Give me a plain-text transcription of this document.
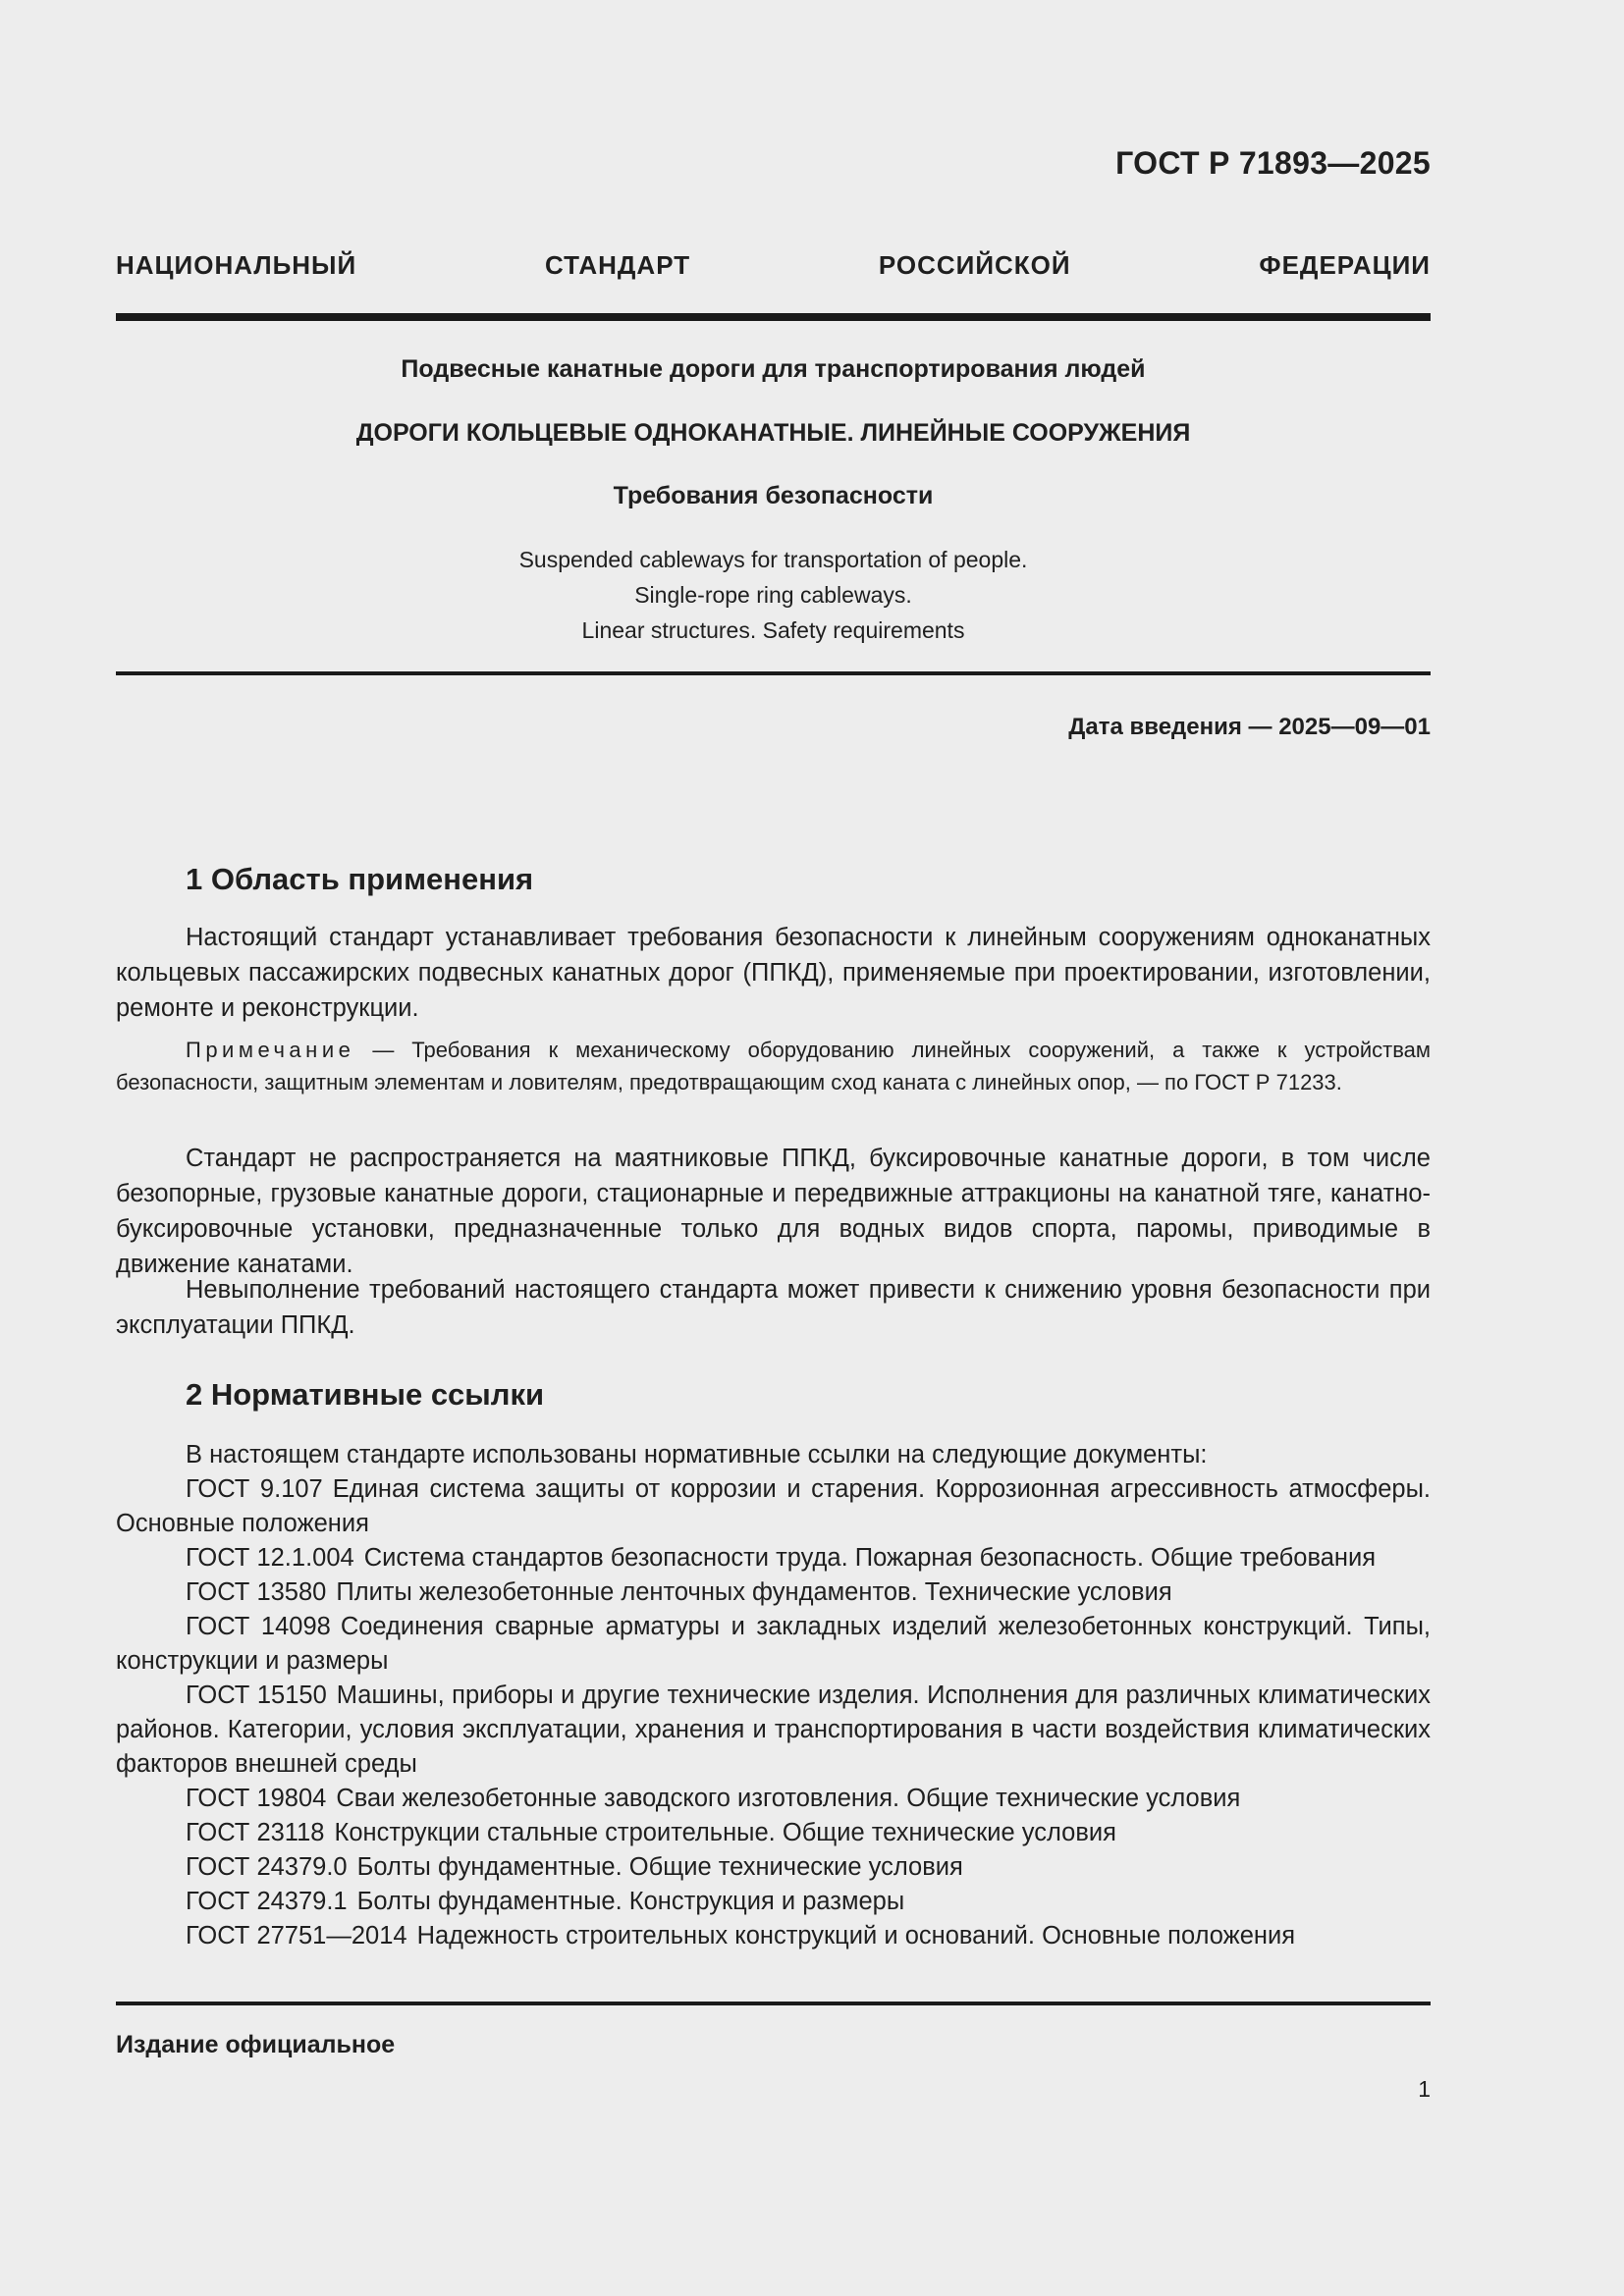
ГОСТ Р 71893—2025
НАЦИОНАЛЬНЫЙ СТАНДАРТ РОССИЙСКОЙ ФЕДЕРАЦИИ
Подвесные канатные дороги для транспортирования людей
ДОРОГИ КОЛЬЦЕВЫЕ ОДНОКАНАТНЫЕ. ЛИНЕЙНЫЕ СООРУЖЕНИЯ
Требования безопасности
Suspended cableways for transportation of people.
Single-rope ring cableways.
Linear structures. Safety requirements
Дата введения — 2025—09—01
1 Область применения
Настоящий стандарт устанавливает требования безопасности к линейным сооружениям одноканатных кольцевых пассажирских подвесных канатных дорог (ППКД), применяемые при проектировании, изготовлении, ремонте и реконструкции.
Примечание — Требования к механическому оборудованию линейных сооружений, а также к устройствам безопасности, защитным элементам и ловителям, предотвращающим сход каната с линейных опор, — по ГОСТ Р 71233.
Стандарт не распространяется на маятниковые ППКД, буксировочные канатные дороги, в том числе безопорные, грузовые канатные дороги, стационарные и передвижные аттракционы на канатной тяге, канатно-буксировочные установки, предназначенные только для водных видов спорта, паромы, приводимые в движение канатами.
Невыполнение требований настоящего стандарта может привести к снижению уровня безопасности при эксплуатации ППКД.
2 Нормативные ссылки
В настоящем стандарте использованы нормативные ссылки на следующие документы:
ГОСТ 9.107 Единая система защиты от коррозии и старения. Коррозионная агрессивность атмосферы. Основные положения
ГОСТ 12.1.004 Система стандартов безопасности труда. Пожарная безопасность. Общие требования
ГОСТ 13580 Плиты железобетонные ленточных фундаментов. Технические условия
ГОСТ 14098 Соединения сварные арматуры и закладных изделий железобетонных конструкций. Типы, конструкции и размеры
ГОСТ 15150 Машины, приборы и другие технические изделия. Исполнения для различных климатических районов. Категории, условия эксплуатации, хранения и транспортирования в части воздействия климатических факторов внешней среды
ГОСТ 19804 Сваи железобетонные заводского изготовления. Общие технические условия
ГОСТ 23118 Конструкции стальные строительные. Общие технические условия
ГОСТ 24379.0 Болты фундаментные. Общие технические условия
ГОСТ 24379.1 Болты фундаментные. Конструкция и размеры
ГОСТ 27751—2014 Надежность строительных конструкций и оснований. Основные положения
Издание официальное
1
